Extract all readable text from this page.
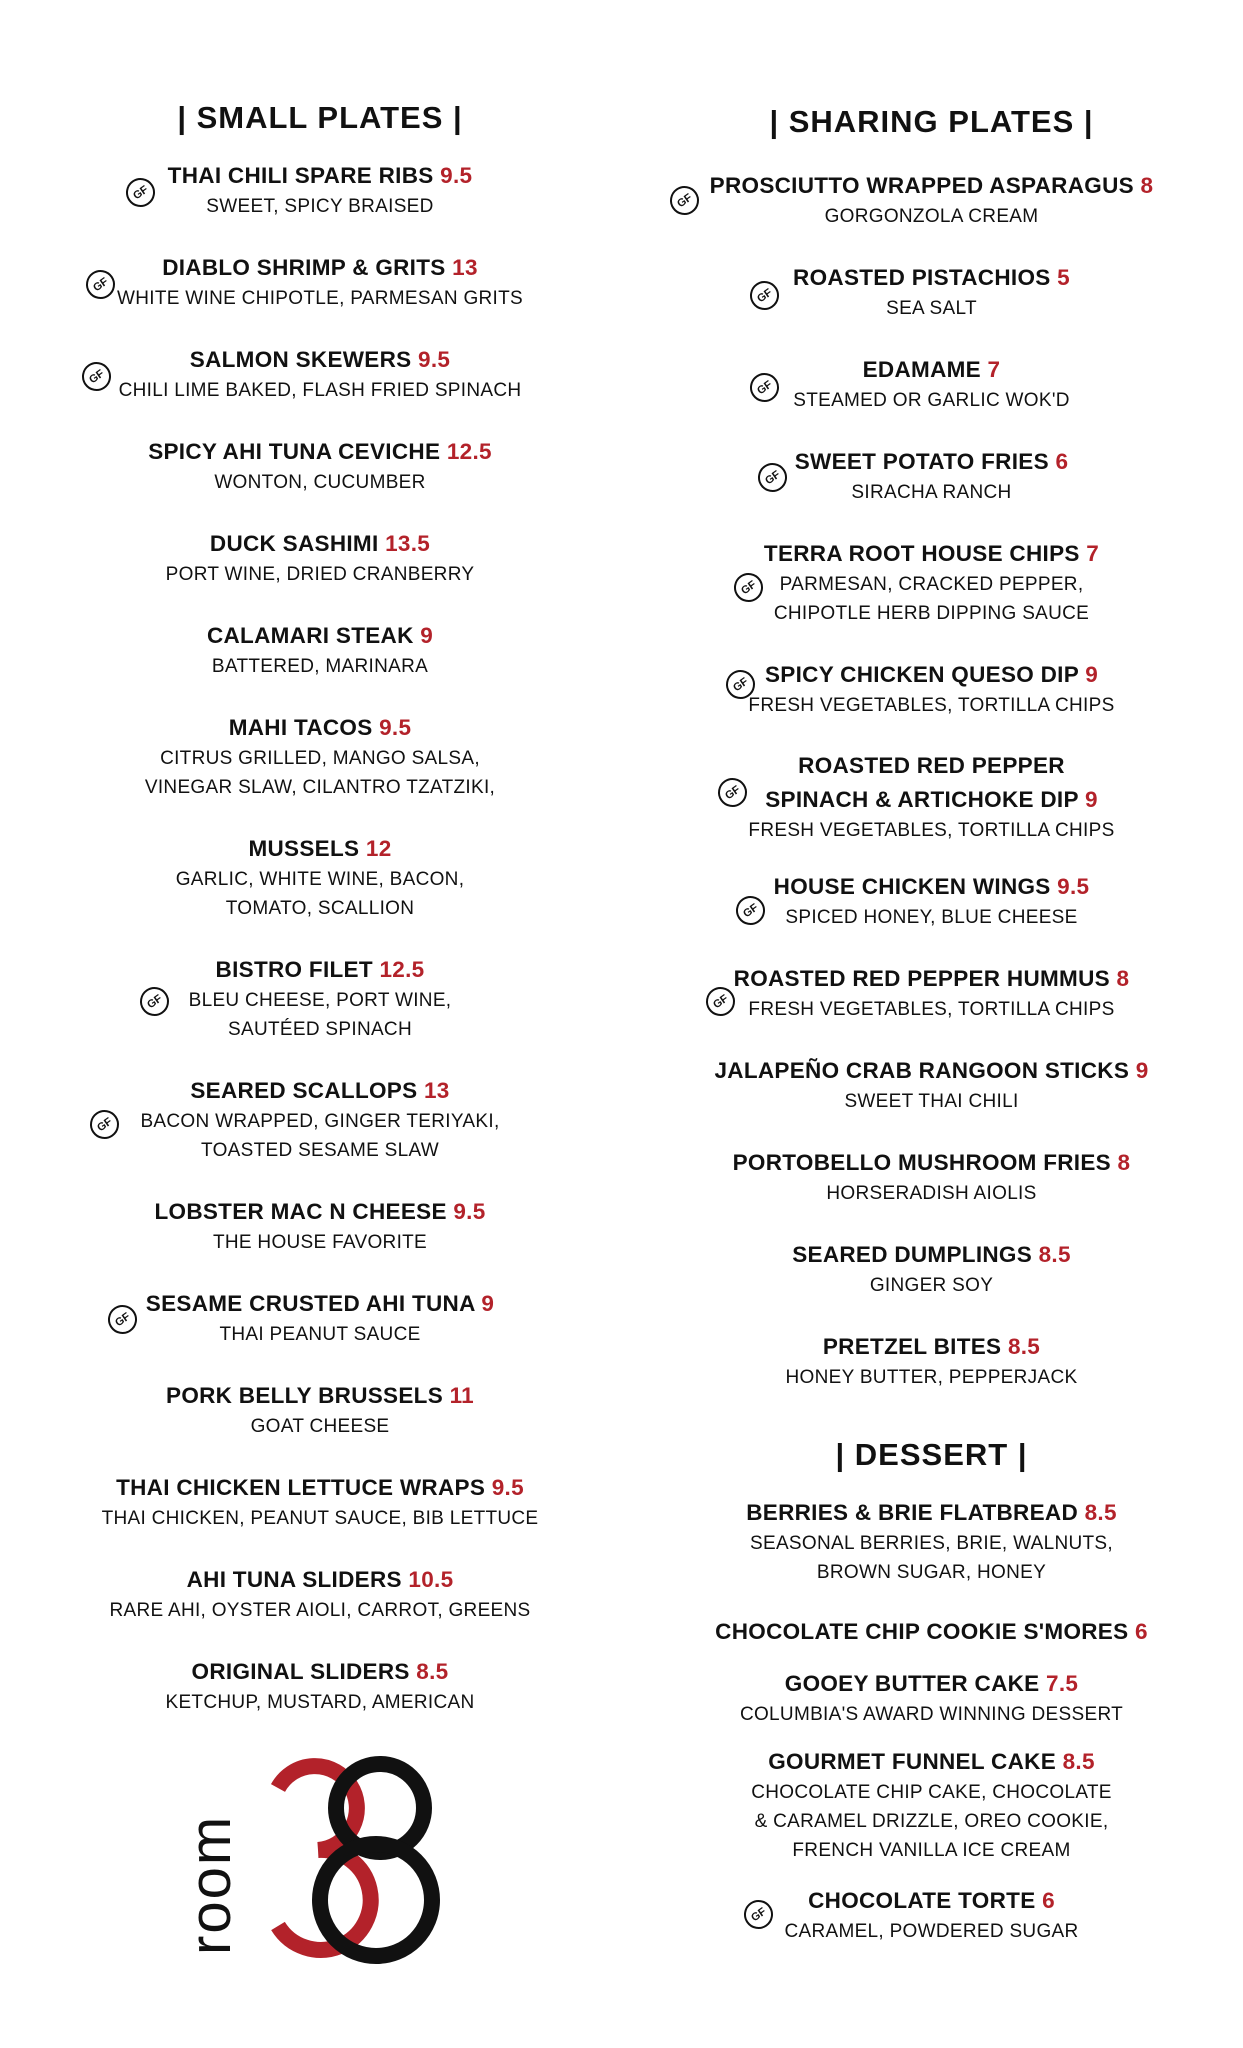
| SMALL PLATES |
THAI CHILI SPARE RIBS 9.5
SWEET, SPICY BRAISED
GF
DIABLO SHRIMP & GRITS 13
WHITE WINE CHIPOTLE, PARMESAN GRITS
GF
SALMON SKEWERS 9.5
CHILI LIME BAKED, FLASH FRIED SPINACH
GF
SPICY AHI TUNA CEVICHE 12.5
WONTON, CUCUMBER
DUCK SASHIMI 13.5
PORT WINE, DRIED CRANBERRY
CALAMARI STEAK 9
BATTERED, MARINARA
MAHI TACOS 9.5
CITRUS GRILLED, MANGO SALSA,
VINEGAR SLAW, CILANTRO TZATZIKI,
MUSSELS 12
GARLIC, WHITE WINE, BACON,
TOMATO, SCALLION
BISTRO FILET 12.5
BLEU CHEESE, PORT WINE,
SAUTÉED SPINACH
GF
SEARED SCALLOPS 13
BACON WRAPPED, GINGER TERIYAKI,
TOASTED SESAME SLAW
GF
LOBSTER MAC N CHEESE 9.5
THE HOUSE FAVORITE
SESAME CRUSTED AHI TUNA 9
THAI PEANUT SAUCE
GF
PORK BELLY BRUSSELS 11
GOAT CHEESE
THAI CHICKEN LETTUCE WRAPS 9.5
THAI CHICKEN, PEANUT SAUCE, BIB LETTUCE
AHI TUNA SLIDERS 10.5
RARE AHI, OYSTER AIOLI, CARROT, GREENS
ORIGINAL SLIDERS 8.5
KETCHUP, MUSTARD, AMERICAN
| SHARING PLATES |
PROSCIUTTO WRAPPED ASPARAGUS 8
GORGONZOLA CREAM
GF
ROASTED PISTACHIOS 5
SEA SALT
GF
EDAMAME 7
STEAMED OR GARLIC WOK'D
GF
SWEET POTATO FRIES 6
SIRACHA RANCH
GF
TERRA ROOT HOUSE CHIPS 7
PARMESAN, CRACKED PEPPER,
CHIPOTLE HERB DIPPING SAUCE
GF
SPICY CHICKEN QUESO DIP 9
FRESH VEGETABLES, TORTILLA CHIPS
GF
ROASTED RED PEPPER
SPINACH & ARTICHOKE DIP 9
FRESH VEGETABLES, TORTILLA CHIPS
GF
HOUSE CHICKEN WINGS 9.5
SPICED HONEY, BLUE CHEESE
GF
ROASTED RED PEPPER HUMMUS 8
FRESH VEGETABLES, TORTILLA CHIPS
GF
JALAPEÑO CRAB RANGOON STICKS 9
SWEET THAI CHILI
PORTOBELLO MUSHROOM FRIES 8
HORSERADISH AIOLIS
SEARED DUMPLINGS 8.5
GINGER SOY
PRETZEL BITES 8.5
HONEY BUTTER, PEPPERJACK
| DESSERT |
BERRIES & BRIE FLATBREAD 8.5
SEASONAL BERRIES, BRIE, WALNUTS,
BROWN SUGAR, HONEY
CHOCOLATE CHIP COOKIE S'MORES 6
GOOEY BUTTER CAKE 7.5
COLUMBIA'S AWARD WINNING DESSERT
GOURMET FUNNEL CAKE 8.5
CHOCOLATE CHIP CAKE, CHOCOLATE
& CARAMEL DRIZZLE, OREO COOKIE,
FRENCH VANILLA ICE CREAM
CHOCOLATE TORTE 6
CARAMEL, POWDERED SUGAR
GF
room
